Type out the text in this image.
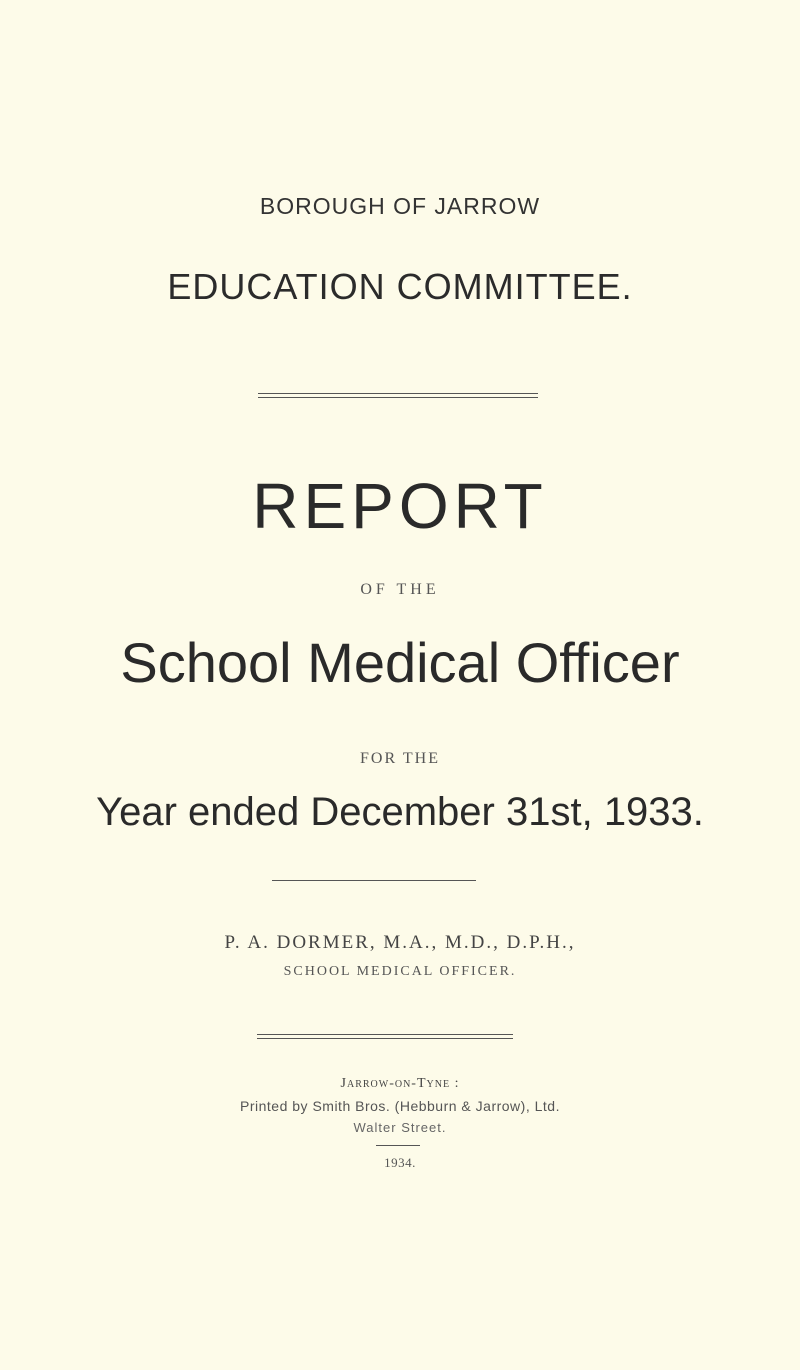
BOROUGH OF JARROW
EDUCATION COMMITTEE.
REPORT
OF THE
School Medical Officer
FOR THE
Year ended December 31st, 1933.
P. A. DORMER, M.A., M.D., D.P.H.,
SCHOOL MEDICAL OFFICER.
Jarrow-on-Tyne :
Printed by Smith Bros. (Hebburn & Jarrow), Ltd.
Walter Street.
1934.
